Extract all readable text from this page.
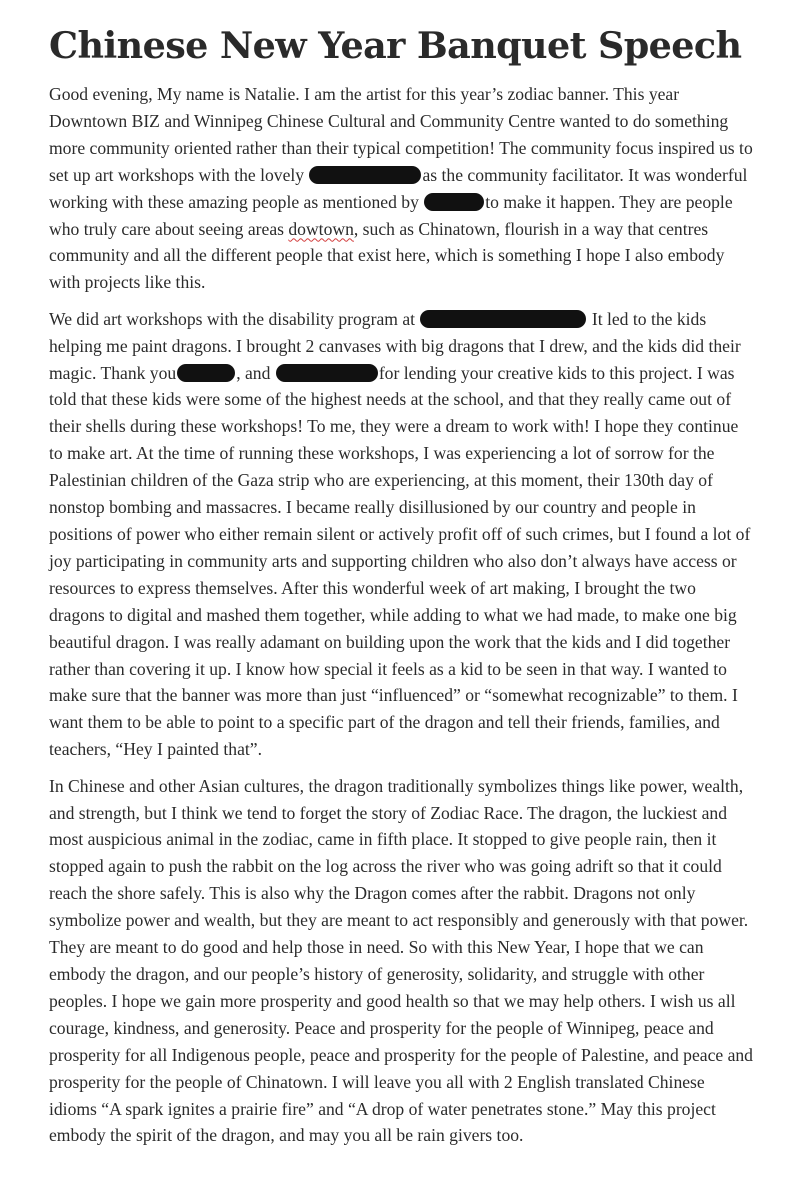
Chinese New Year Banquet Speech

Good evening, My name is Natalie. I am the artist for this year’s zodiac banner. This year Downtown BIZ and Winnipeg Chinese Cultural and Community Centre wanted to do something more community oriented rather than their typical competition! The community focus inspired us to set up art workshops with the lovely	as the community facilitator. It was wonderful working with these amazing people as mentioned by	to make it happen. They are people who truly care about seeing areas dowtown, such as Chinatown, flourish in a way that centres community and all the different people that exist here, which is something I hope I also embody with projects like this.

We did art workshops with the disability program at	It led to the kids helping me paint dragons. I brought 2 canvases with big dragons that I drew, and the kids did their magic. Thank you	, and	for lending your creative kids to this project. I was told that these kids were some of the highest needs at the school, and that they really came out of their shells during these workshops! To me, they were a dream to work with! I hope they continue to make art. At the time of running these workshops, I was experiencing a lot of sorrow for the Palestinian children of the Gaza strip who are experiencing, at this moment, their 130th day of nonstop bombing and massacres. I became really disillusioned by our country and people in positions of power who either remain silent or actively profit off of such crimes, but I found a lot of joy participating in community arts and supporting children who also don’t always have access or resources to express themselves. After this wonderful week of art making, I brought the two dragons to digital and mashed them together, while adding to what we had made, to make one big beautiful dragon. I was really adamant on building upon the work that the kids and I did together rather than covering it up. I know how special it feels as a kid to be seen in that way. I wanted to make sure that the banner was more than just “influenced” or “somewhat recognizable” to them. I want them to be able to point to a specific part of the dragon and tell their friends, families, and teachers, “Hey I painted that”.

In Chinese and other Asian cultures, the dragon traditionally symbolizes things like power, wealth, and strength, but I think we tend to forget the story of Zodiac Race. The dragon, the luckiest and most auspicious animal in the zodiac, came in fifth place. It stopped to give people rain, then it stopped again to push the rabbit on the log across the river who was going adrift so that it could reach the shore safely. This is also why the Dragon comes after the rabbit. Dragons not only symbolize power and wealth, but they are meant to act responsibly and generously with that power. They are meant to do good and help those in need. So with this New Year, I hope that we can embody the dragon, and our people’s history of generosity, solidarity, and struggle with other peoples. I hope we gain more prosperity and good health so that we may help others. I wish us all courage, kindness, and generosity. Peace and prosperity for the people of Winnipeg, peace and prosperity for all Indigenous people, peace and prosperity for the people of Palestine, and peace and prosperity for the people of Chinatown. I will leave you all with 2 English translated Chinese idioms “A spark ignites a prairie fire” and “A drop of water penetrates stone.” May this project embody the spirit of the dragon, and may you all be rain givers too.
